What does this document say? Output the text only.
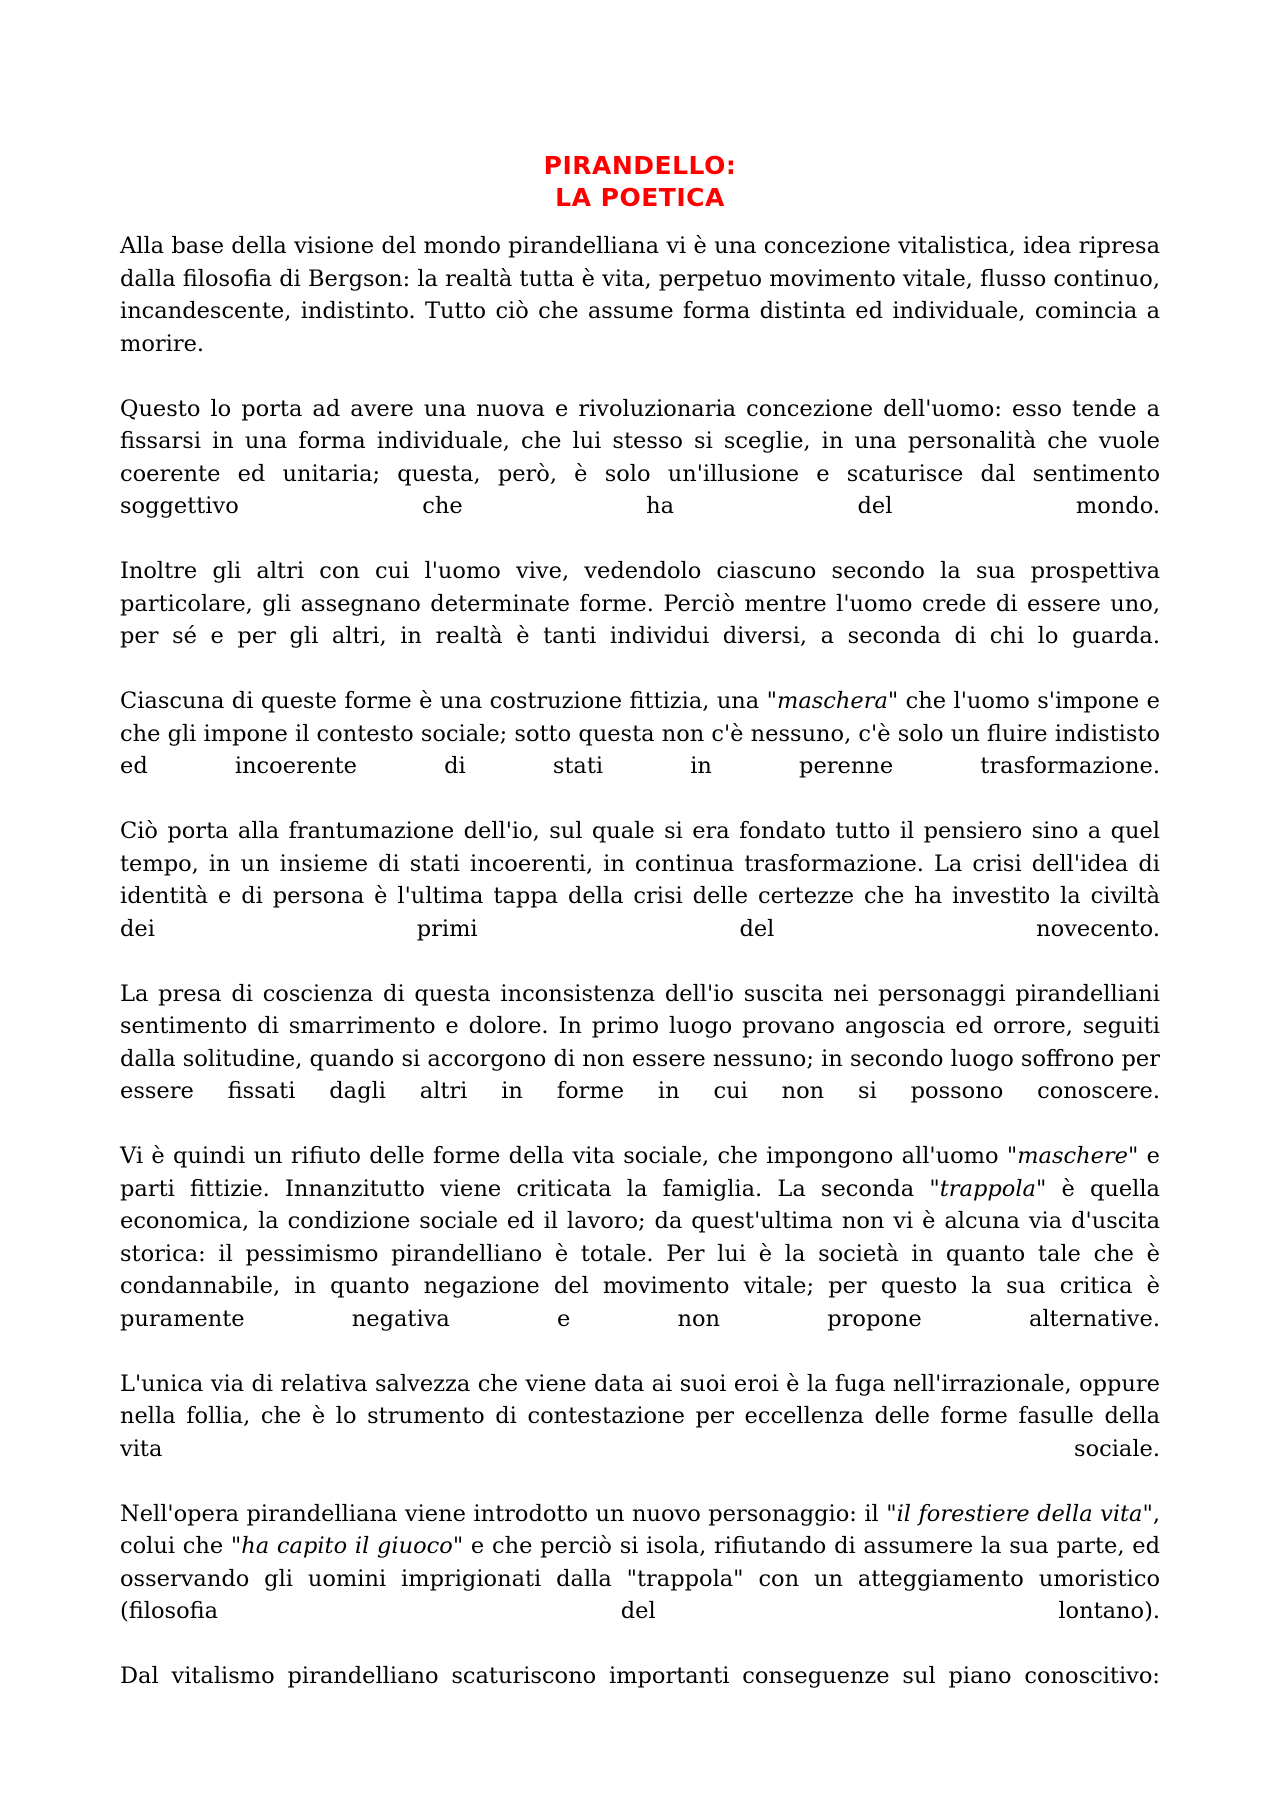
PIRANDELLO:
LA POETICA

Alla base della visione del mondo pirandelliana vi è una concezione vitalistica, idea ripresa dalla filosofia di Bergson: la realtà tutta è vita, perpetuo movimento vitale, flusso continuo, incandescente, indistinto. Tutto ciò che assume forma distinta ed individuale, comincia a morire.

Questo lo porta ad avere una nuova e rivoluzionaria concezione dell'uomo: esso tende a fissarsi in una forma individuale, che lui stesso si sceglie, in una personalità che vuole coerente ed unitaria; questa, però, è solo un'illusione e scaturisce dal sentimento soggettivo che ha del mondo.

Inoltre gli altri con cui l'uomo vive, vedendolo ciascuno secondo la sua prospettiva particolare, gli assegnano determinate forme. Perciò mentre l'uomo crede di essere uno, per sé e per gli altri, in realtà è tanti individui diversi, a seconda di chi lo guarda.

Ciascuna di queste forme è una costruzione fittizia, una "maschera" che l'uomo s'impone e che gli impone il contesto sociale; sotto questa non c'è nessuno, c'è solo un fluire indististo ed incoerente di stati in perenne trasformazione.

Ciò porta alla frantumazione dell'io, sul quale si era fondato tutto il pensiero sino a quel tempo, in un insieme di stati incoerenti, in continua trasformazione. La crisi dell'idea di identità e di persona è l'ultima tappa della crisi delle certezze che ha investito la civiltà dei primi del novecento.

La presa di coscienza di questa inconsistenza dell'io suscita nei personaggi pirandelliani sentimento di smarrimento e dolore. In primo luogo provano angoscia ed orrore, seguiti dalla solitudine, quando si accorgono di non essere nessuno; in secondo luogo soffrono per essere fissati dagli altri in forme in cui non si possono conoscere.

Vi è quindi un rifiuto delle forme della vita sociale, che impongono all'uomo "maschere" e parti fittizie. Innanzitutto viene criticata la famiglia. La seconda "trappola" è quella economica, la condizione sociale ed il lavoro; da quest'ultima non vi è alcuna via d'uscita storica: il pessimismo pirandelliano è totale. Per lui è la società in quanto tale che è condannabile, in quanto negazione del movimento vitale; per questo la sua critica è puramente negativa e non propone alternative.

L'unica via di relativa salvezza che viene data ai suoi eroi è la fuga nell'irrazionale, oppure nella follia, che è lo strumento di contestazione per eccellenza delle forme fasulle della vita sociale.

Nell'opera pirandelliana viene introdotto un nuovo personaggio: il "il forestiere della vita", colui che "ha capito il giuoco" e che perciò si isola, rifiutando di assumere la sua parte, ed osservando gli uomini imprigionati dalla "trappola" con un atteggiamento umoristico (filosofia del lontano).

Dal vitalismo pirandelliano scaturiscono importanti conseguenze sul piano conoscitivo:
